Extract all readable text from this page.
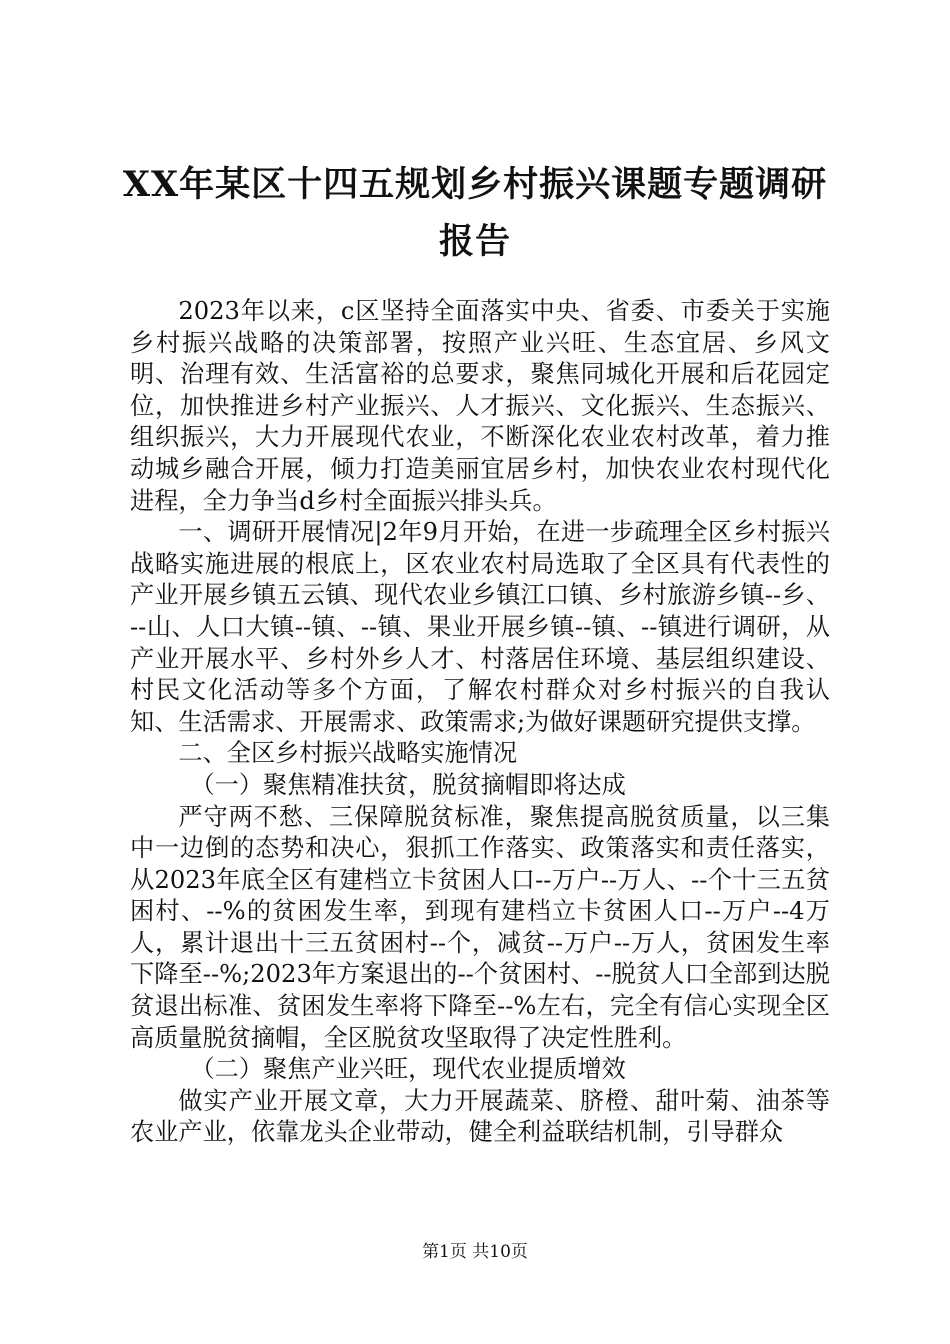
XX年某区十四五规划乡村振兴课题专题调研
报告

2023年以来，c区坚持全面落实中央、省委、市委关于实施乡村振兴战略的决策部署，按照产业兴旺、生态宜居、乡风文明、治理有效、生活富裕的总要求，聚焦同城化开展和后花园定位，加快推进乡村产业振兴、人才振兴、文化振兴、生态振兴、组织振兴，大力开展现代农业，不断深化农业农村改革，着力推动城乡融合开展，倾力打造美丽宜居乡村，加快农业农村现代化进程，全力争当d乡村全面振兴排头兵。

一、调研开展情况|2年9月开始，在进一步疏理全区乡村振兴战略实施进展的根底上，区农业农村局选取了全区具有代表性的产业开展乡镇五云镇、现代农业乡镇江口镇、乡村旅游乡镇--乡、--山、人口大镇--镇、--镇、果业开展乡镇--镇、--镇进行调研，从产业开展水平、乡村外乡人才、村落居住环境、基层组织建设、村民文化活动等多个方面，了解农村群众对乡村振兴的自我认知、生活需求、开展需求、政策需求;为做好课题研究提供支撑。

二、全区乡村振兴战略实施情况

（一）聚焦精准扶贫，脱贫摘帽即将达成

严守两不愁、三保障脱贫标准，聚焦提高脱贫质量，以三集中一边倒的态势和决心，狠抓工作落实、政策落实和责任落实，从2023年底全区有建档立卡贫困人口--万户--万人、--个十三五贫困村、--%的贫困发生率，到现有建档立卡贫困人口--万户--4万人，累计退出十三五贫困村--个，减贫--万户--万人，贫困发生率下降至--%;2023年方案退出的--个贫困村、--脱贫人口全部到达脱贫退出标准、贫困发生率将下降至--%左右，完全有信心实现全区高质量脱贫摘帽，全区脱贫攻坚取得了决定性胜利。

（二）聚焦产业兴旺，现代农业提质增效

做实产业开展文章，大力开展蔬菜、脐橙、甜叶菊、油茶等农业产业，依靠龙头企业带动，健全利益联结机制，引导群众

第1页 共10页
